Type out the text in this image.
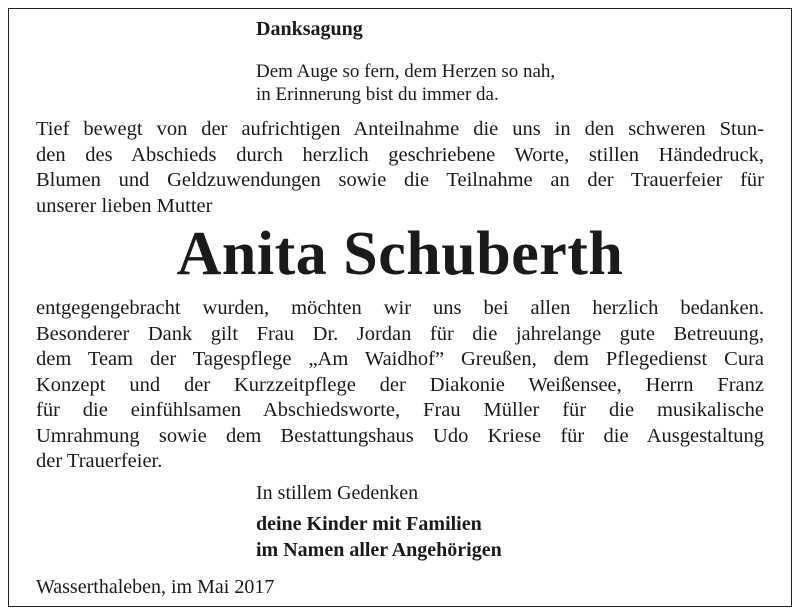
Danksagung
Dem Auge so fern, dem Herzen so nah,
in Erinnerung bist du immer da.
Tief bewegt von der aufrichtigen Anteilnahme die uns in den schweren Stun-
den des Abschieds durch herzlich geschriebene Worte, stillen Händedruck,
Blumen und Geldzuwendungen sowie die Teilnahme an der Trauerfeier für
unserer lieben Mutter
Anita Schuberth
entgegengebracht wurden, möchten wir uns bei allen herzlich bedanken.
Besonderer Dank gilt Frau Dr. Jordan für die jahrelange gute Betreuung,
dem Team der Tagespflege „Am Waidhof” Greußen, dem Pflegedienst Cura
Konzept und der Kurzzeitpflege der Diakonie Weißensee, Herrn Franz
für die einfühlsamen Abschiedsworte, Frau Müller für die musikalische
Umrahmung sowie dem Bestattungshaus Udo Kriese für die Ausgestaltung
der Trauerfeier.
In stillem Gedenken
deine Kinder mit Familien
im Namen aller Angehörigen
Wasserthaleben, im Mai 2017
